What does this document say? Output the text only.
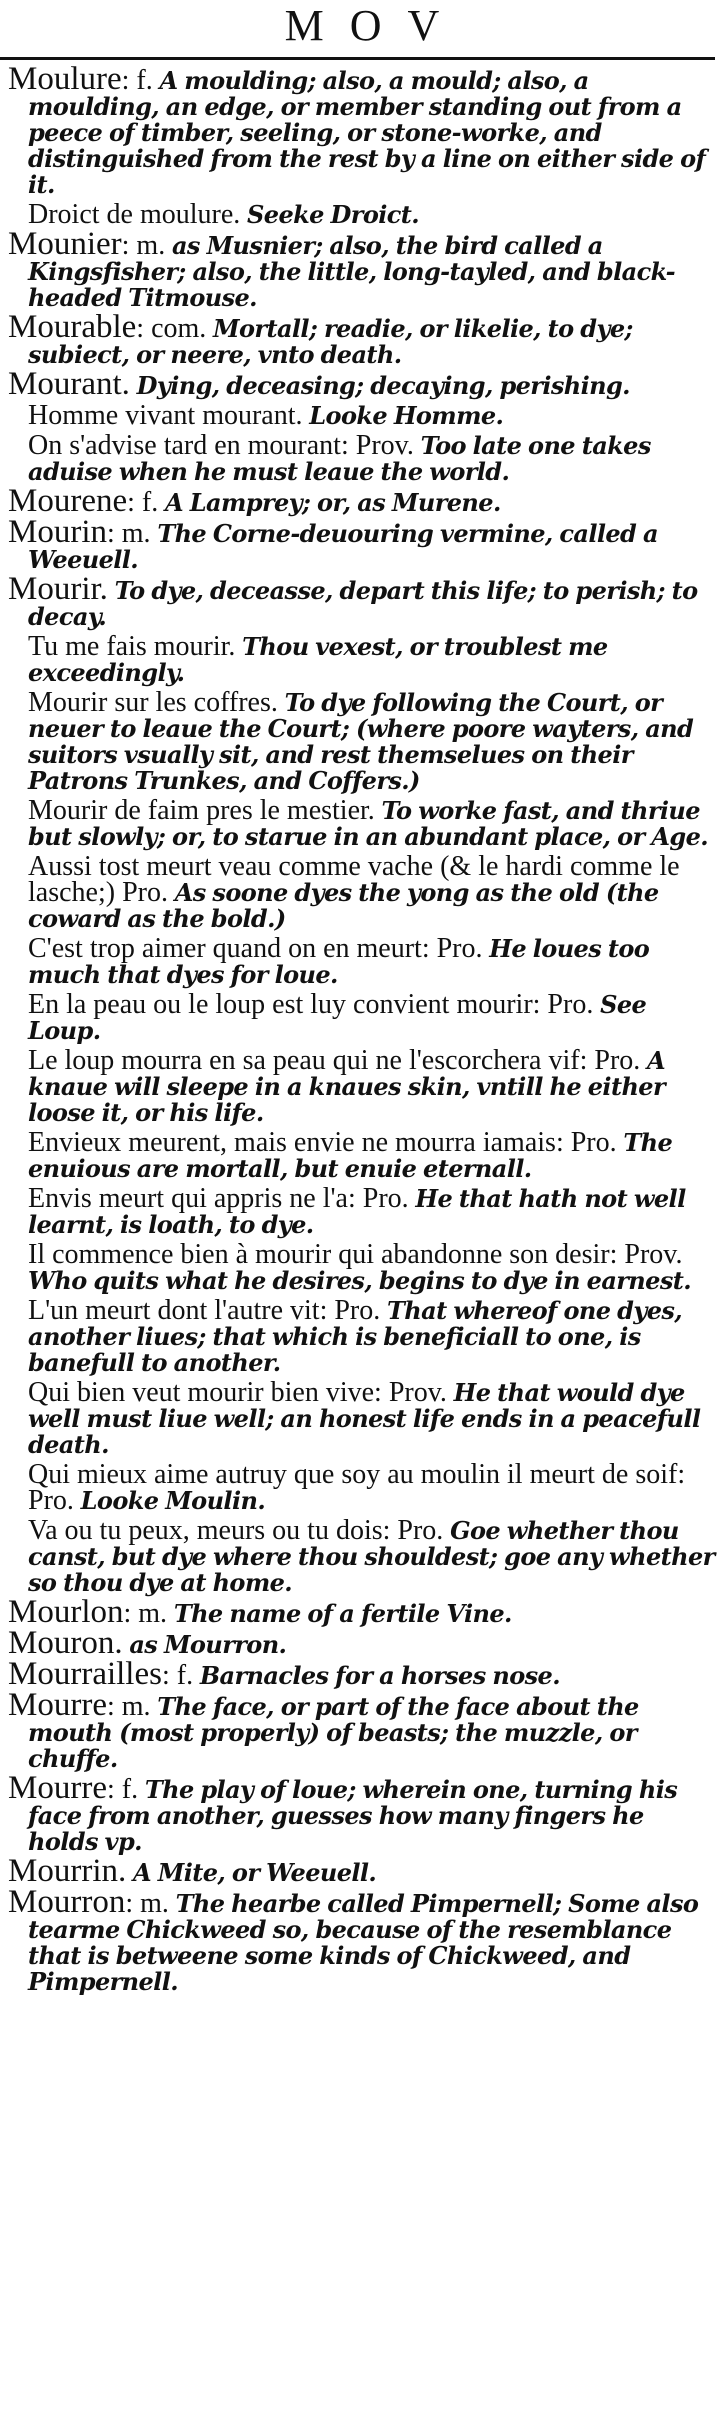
MOV

Moulure: f. A moulding; also, a mould; also, a moulding, an edge, or member standing out from a peece of timber, seeling, or stone-worke, and distinguished from the rest by a line on either side of it.

Droict de moulure. Seeke Droict.

Mounier: m. as Musnier; also, the bird called a Kingsfisher; also, the little, long-tayled, and black-headed Titmouse.

Mourable: com. Mortall; readie, or likelie, to dye; subiect, or neere, vnto death.

Mourant. Dying, deceasing; decaying, perishing.

Homme vivant mourant. Looke Homme.

On s'advise tard en mourant: Prov. Too late one takes aduise when he must leaue the world.

Mourene: f. A Lamprey; or, as Murene.

Mourin: m. The Corne-deuouring vermine, called a Weeuell.

Mourir. To dye, deceasse, depart this life; to perish; to decay.

Tu me fais mourir. Thou vexest, or troublest me exceedingly.

Mourir sur les coffres. To dye following the Court, or neuer to leaue the Court; (where poore wayters, and suitors vsually sit, and rest themselues on their Patrons Trunkes, and Coffers.)

Mourir de faim pres le mestier. To worke fast, and thriue but slowly; or, to starue in an abundant place, or Age.

Aussi tost meurt veau comme vache (& le hardi comme le lasche;) Pro. As soone dyes the yong as the old (the coward as the bold.)

C'est trop aimer quand on en meurt: Pro. He loues too much that dyes for loue.

En la peau ou le loup est luy convient mourir: Pro. See Loup.

Le loup mourra en sa peau qui ne l'escorchera vif: Pro. A knaue will sleepe in a knaues skin, vntill he either loose it, or his life.

Envieux meurent, mais envie ne mourra iamais: Pro. The enuious are mortall, but enuie eternall.

Envis meurt qui appris ne l'a: Pro. He that hath not well learnt, is loath, to dye.

Il commence bien à mourir qui abandonne son desir: Prov. Who quits what he desires, begins to dye in earnest.

L'un meurt dont l'autre vit: Pro. That whereof one dyes, another liues; that which is beneficiall to one, is banefull to another.

Qui bien veut mourir bien vive: Prov. He that would dye well must liue well; an honest life ends in a peacefull death.

Qui mieux aime autruy que soy au moulin il meurt de soif: Pro. Looke Moulin.

Va ou tu peux, meurs ou tu dois: Pro. Goe whether thou canst, but dye where thou shouldest; goe any whether so thou dye at home.

Mourlon: m. The name of a fertile Vine.

Mouron. as Mourron.

Mourrailles: f. Barnacles for a horses nose.

Mourre: m. The face, or part of the face about the mouth (most properly) of beasts; the muzzle, or chuffe.

Mourre: f. The play of loue; wherein one, turning his face from another, guesses how many fingers he holds vp.

Mourrin. A Mite, or Weeuell.

Mourron: m. The hearbe called Pimpernell; Some also tearme Chickweed so, because of the resemblance that is betweene some kinds of Chickweed, and Pimpernell.
